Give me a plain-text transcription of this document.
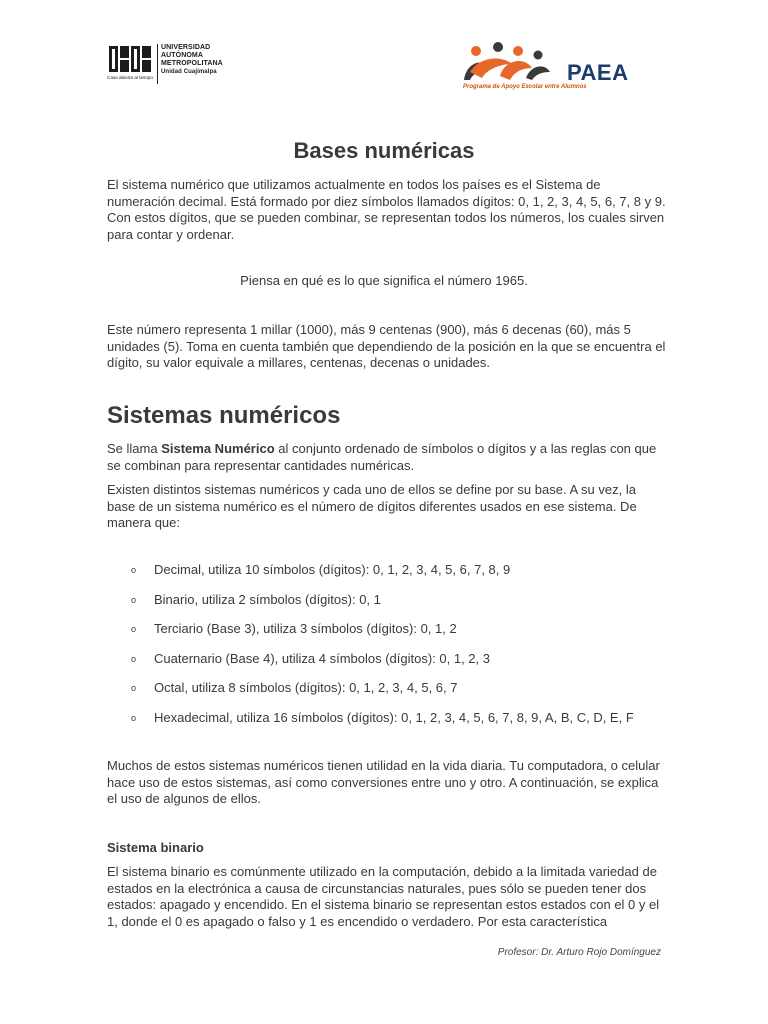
Casa abierta al tiempo
UNIVERSIDAD
AUTÓNOMA
METROPOLITANA
Unidad Cuajimalpa	PAEA
Programa de Apoyo Escolar entre Alumnos
Bases numéricas

El sistema numérico que utilizamos actualmente en todos los países es el Sistema de numeración decimal. Está formado por diez símbolos llamados dígitos: 0, 1, 2, 3, 4, 5, 6, 7, 8 y 9. Con estos dígitos, que se pueden combinar, se representan todos los números, los cuales sirven para contar y ordenar.

Piensa en qué es lo que significa el número 1965.

Este número representa 1 millar (1000), más 9 centenas (900), más 6 decenas (60), más 5 unidades (5). Toma en cuenta también que dependiendo de la posición en la que se encuentra el dígito, su valor equivale a millares, centenas, decenas o unidades.

Sistemas numéricos

Se llama Sistema Numérico al conjunto ordenado de símbolos o dígitos y a las reglas con que se combinan para representar cantidades numéricas.

Existen distintos sistemas numéricos y cada uno de ellos se define por su base. A su vez, la base de un sistema numérico es el número de dígitos diferentes usados en ese sistema. De manera que:

o Decimal, utiliza 10 símbolos (dígitos): 0, 1, 2, 3, 4, 5, 6, 7, 8, 9
o Binario, utiliza 2 símbolos (dígitos): 0, 1
o Terciario (Base 3), utiliza 3 símbolos (dígitos): 0, 1, 2
o Cuaternario (Base 4), utiliza 4 símbolos (dígitos): 0, 1, 2, 3
o Octal, utiliza 8 símbolos (dígitos): 0, 1, 2, 3, 4, 5, 6, 7
o Hexadecimal, utiliza 16 símbolos (dígitos): 0, 1, 2, 3, 4, 5, 6, 7, 8, 9, A, B, C, D, E, F

Muchos de estos sistemas numéricos tienen utilidad en la vida diaria. Tu computadora, o celular hace uso de estos sistemas, así como conversiones entre uno y otro. A continuación, se explica el uso de algunos de ellos.

Sistema binario

El sistema binario es comúnmente utilizado en la computación, debido a la limitada variedad de estados en la electrónica a causa de circunstancias naturales, pues sólo se pueden tener dos estados: apagado y encendido. En el sistema binario se representan estos estados con el 0 y el 1, donde el 0 es apagado o falso y 1 es encendido o verdadero. Por esta característica

Profesor: Dr. Arturo Rojo Domínguez
